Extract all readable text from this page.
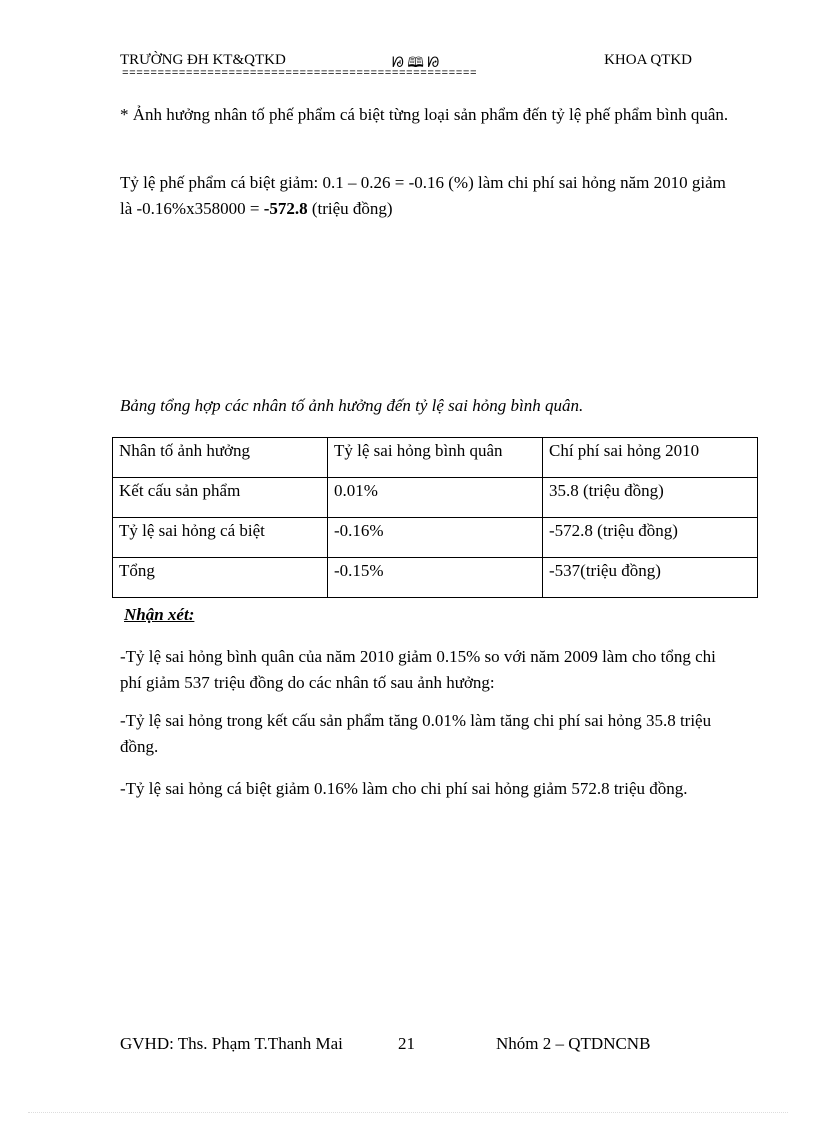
TRƯỜNG ĐH KT&QTKD	ᘘ 🕮 ᘙ	KHOA QTKD
==================================================

* Ảnh hưởng nhân tố phế phẩm cá biệt từng loại sản phẩm đến tỷ lệ phế phẩm bình quân.

Tỷ lệ phế phẩm cá biệt giảm: 0.1 – 0.26 = -0.16 (%) làm chi phí sai hỏng năm 2010 giảm là -0.16%x358000 = -572.8 (triệu đồng)

Bảng tổng hợp các nhân tố ảnh hưởng đến tỷ lệ sai hỏng bình quân.
Nhân tố ảnh hưởng	Tỷ lệ sai hỏng bình quân	Chí phí sai hỏng 2010
Kết cấu sản phẩm	0.01%	35.8 (triệu đồng)
Tỷ lệ sai hỏng cá biệt	-0.16%	-572.8 (triệu đồng)
Tổng	-0.15%	-537(triệu đồng)
Nhận xét:

-Tỷ lệ sai hỏng bình quân của năm 2010 giảm 0.15% so với năm 2009 làm cho tổng chi phí giảm 537 triệu đồng do các nhân tố sau ảnh hưởng:

-Tỷ lệ sai hỏng trong kết cấu sản phẩm tăng 0.01% làm tăng chi phí sai hỏng 35.8 triệu đồng.

-Tỷ lệ sai hỏng cá biệt giảm 0.16% làm cho chi phí sai hỏng giảm 572.8 triệu đồng.

GVHD: Ths. Phạm T.Thanh Mai	21	Nhóm 2 – QTDNCNB
